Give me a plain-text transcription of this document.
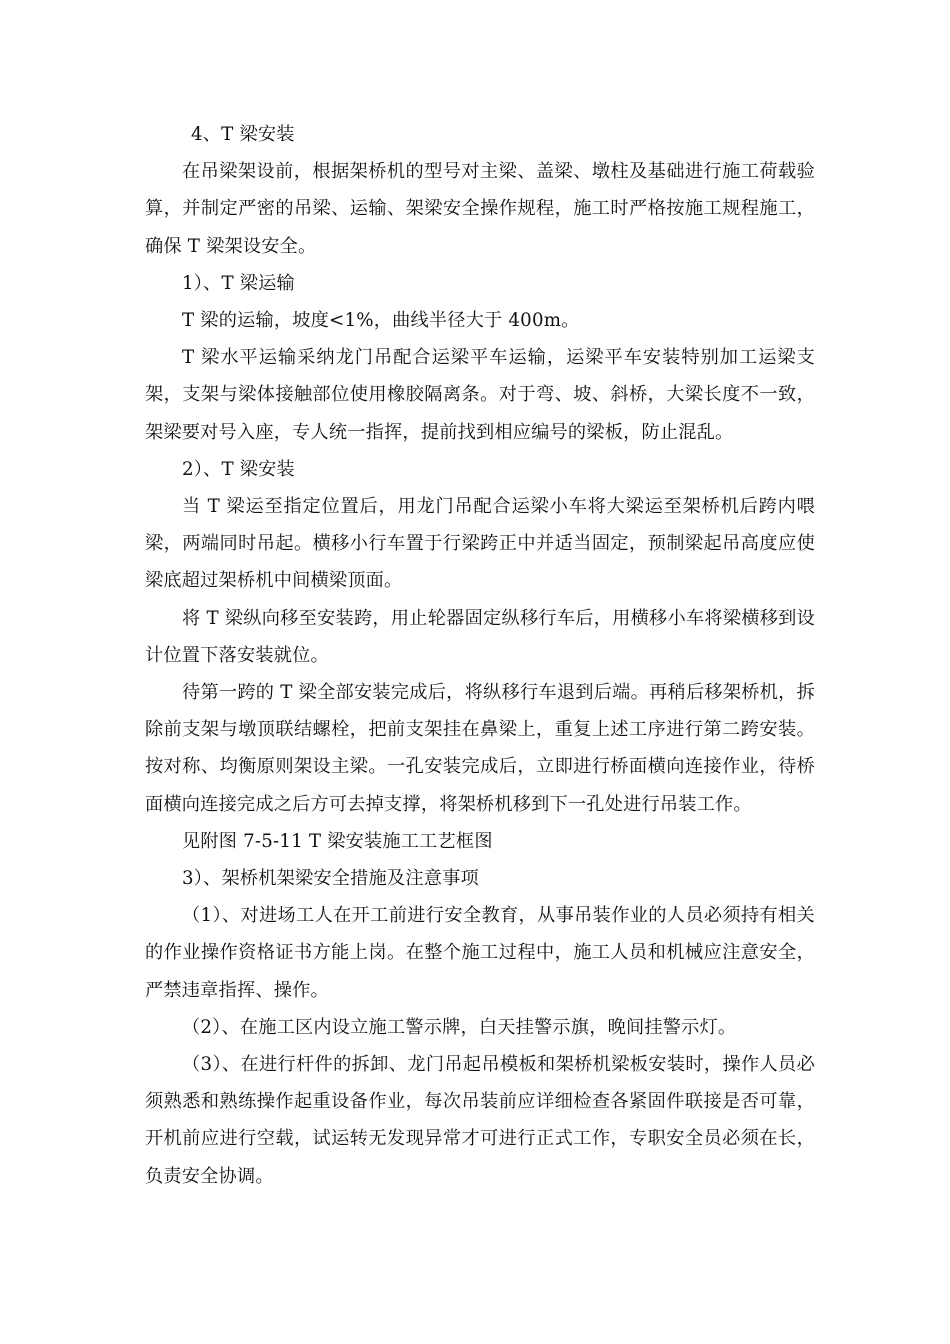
4、T 梁安装

在吊梁架设前，根据架桥机的型号对主梁、盖梁、墩柱及基础进行施工荷载验算，并制定严密的吊梁、运输、架梁安全操作规程，施工时严格按施工规程施工，确保 T 梁架设安全。

1）、T 梁运输

T 梁的运输，坡度<1%，曲线半径大于 400m。

T 梁水平运输采纳龙门吊配合运梁平车运输，运梁平车安装特别加工运梁支架，支架与梁体接触部位使用橡胶隔离条。对于弯、坡、斜桥，大梁长度不一致，架梁要对号入座，专人统一指挥，提前找到相应编号的梁板，防止混乱。

2）、T 梁安装

当 T 梁运至指定位置后，用龙门吊配合运梁小车将大梁运至架桥机后跨内喂梁，两端同时吊起。横移小行车置于行梁跨正中并适当固定，预制梁起吊高度应使梁底超过架桥机中间横梁顶面。

将 T 梁纵向移至安装跨，用止轮器固定纵移行车后，用横移小车将梁横移到设计位置下落安装就位。

待第一跨的 T 梁全部安装完成后，将纵移行车退到后端。再稍后移架桥机，拆除前支架与墩顶联结螺栓，把前支架挂在鼻梁上，重复上述工序进行第二跨安装。按对称、均衡原则架设主梁。一孔安装完成后，立即进行桥面横向连接作业，待桥面横向连接完成之后方可去掉支撑，将架桥机移到下一孔处进行吊装工作。

见附图 7-5-11 T 梁安装施工工艺框图

3）、架桥机架梁安全措施及注意事项

（1）、对进场工人在开工前进行安全教育，从事吊装作业的人员必须持有相关的作业操作资格证书方能上岗。在整个施工过程中，施工人员和机械应注意安全，严禁违章指挥、操作。

（2）、在施工区内设立施工警示牌，白天挂警示旗，晚间挂警示灯。

（3）、在进行杆件的拆卸、龙门吊起吊模板和架桥机梁板安装时，操作人员必须熟悉和熟练操作起重设备作业，每次吊装前应详细检查各紧固件联接是否可靠，开机前应进行空载，试运转无发现异常才可进行正式工作，专职安全员必须在长，负责安全协调。
